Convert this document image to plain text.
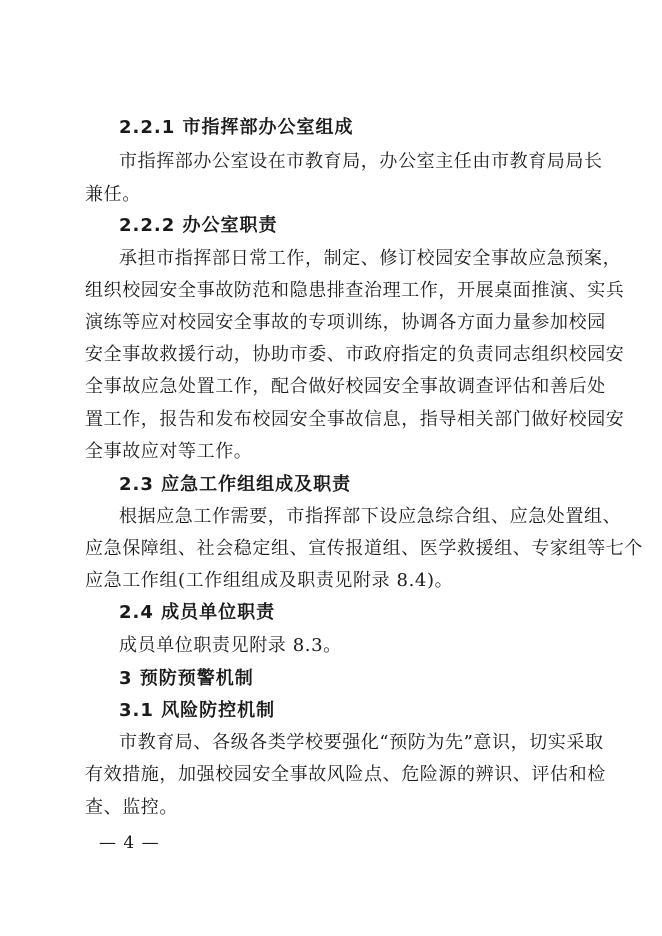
2.2.1 市指挥部办公室组成
市指挥部办公室设在市教育局，办公室主任由市教育局局长
兼任。
2.2.2 办公室职责
承担市指挥部日常工作，制定、修订校园安全事故应急预案，
组织校园安全事故防范和隐患排查治理工作，开展桌面推演、实兵
演练等应对校园安全事故的专项训练，协调各方面力量参加校园
安全事故救援行动，协助市委、市政府指定的负责同志组织校园安
全事故应急处置工作，配合做好校园安全事故调查评估和善后处
置工作，报告和发布校园安全事故信息，指导相关部门做好校园安
全事故应对等工作。
2.3 应急工作组组成及职责
根据应急工作需要，市指挥部下设应急综合组、应急处置组、
应急保障组、社会稳定组、宣传报道组、医学救援组、专家组等七个
应急工作组(工作组组成及职责见附录 8.4)。
2.4 成员单位职责
成员单位职责见附录 8.3。
3 预防预警机制
3.1 风险防控机制
市教育局、各级各类学校要强化“预防为先”意识，切实采取
有效措施，加强校园安全事故风险点、危险源的辨识、评估和检
查、监控。
— 4 —
